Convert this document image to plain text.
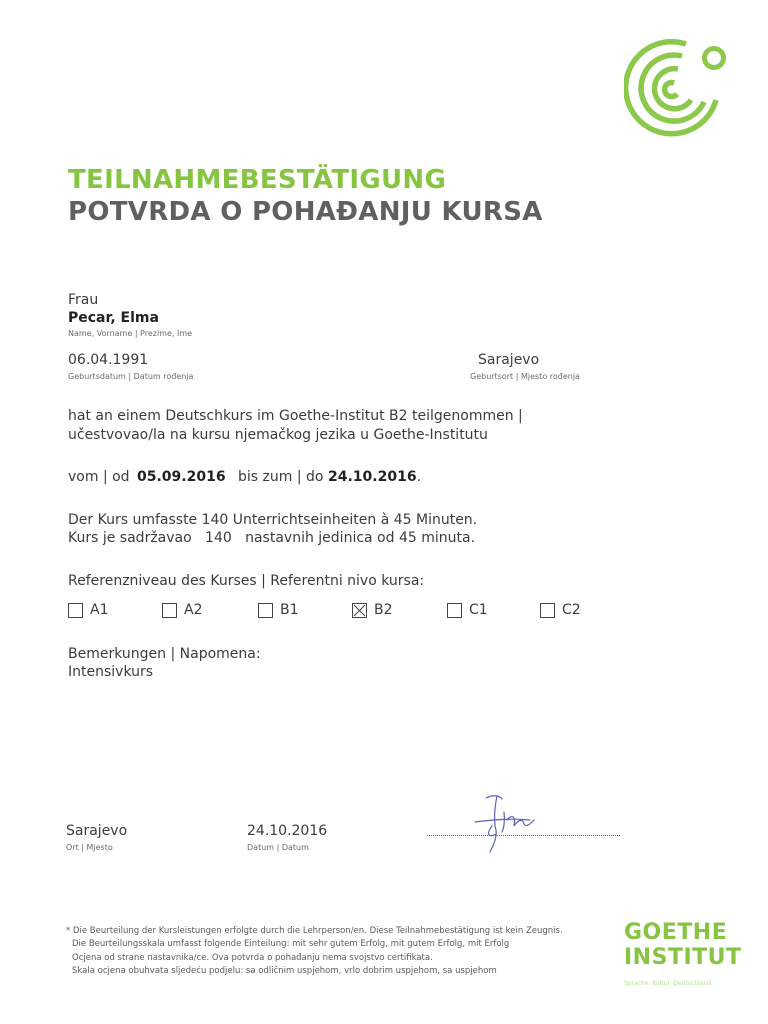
TEILNAHMEBESTÄTIGUNG
POTVRDA O POHAĐANJU KURSA
Frau
Pecar, Elma
Name, Vorname | Prezime, Ime
06.04.1991
Geburtsdatum | Datum rođenja
Sarajevo
Geburtsort | Mjesto rođenja
hat an einem Deutschkurs im Goethe-Institut B2 teilgenommen |
učestvovao/la na kursu njemačkog jezika u Goethe-Institutu
vom | od 05.09.2016 bis zum | do 24.10.2016.
Der Kurs umfasste 140 Unterrichtseinheiten à 45 Minuten.
Kurs je sadržavao   140   nastavnih jedinica od 45 minuta.
Referenzniveau des Kurses | Referentni nivo kursa:
A1	A2	B1	B2	C1	C2
Bemerkungen | Napomena:
Intensivkurs
Sarajevo
Ort | Mjesto
24.10.2016
Datum | Datum
* Die Beurteilung der Kursleistungen erfolgte durch die Lehrperson/en. Diese Teilnahmebestätigung ist kein Zeugnis.
Die Beurteilungsskala umfasst folgende Einteilung: mit sehr gutem Erfolg, mit gutem Erfolg, mit Erfolg
Ocjena od strane nastavnika/ce. Ova potvrda o pohađanju nema svojstvo certifikata.
Skala ocjena obuhvata sljedeću podjelu: sa odličnim uspjehom, vrlo dobrim uspjehom, sa uspjehom
GOETHE
INSTITUT
Sprache. Kultur. Deutschland.
